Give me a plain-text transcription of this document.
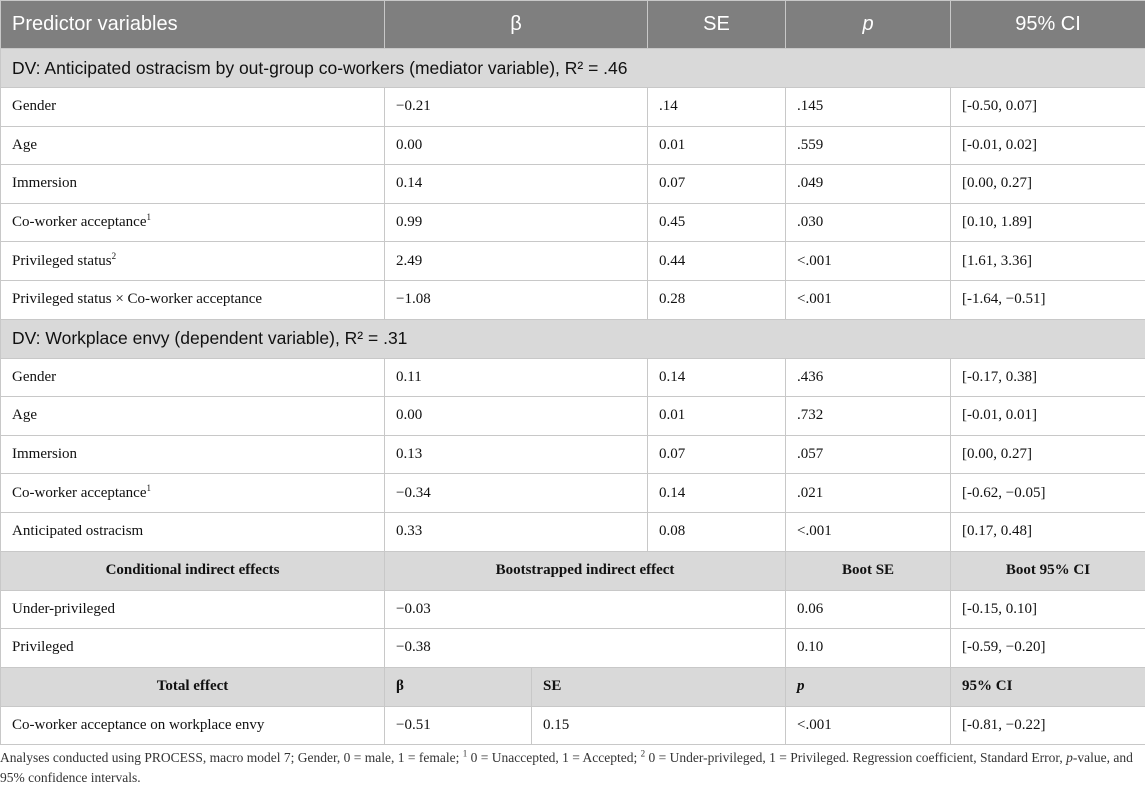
Predictor variables	β		SE	p	95% CI
DV: Anticipated ostracism by out-group co-workers (mediator variable), R² = .46					
Gender	−0.21		.14	.145	[-0.50, 0.07]
Age	0.00		0.01	.559	[-0.01, 0.02]
Immersion	0.14		0.07	.049	[0.00, 0.27]
Co-worker acceptance$^1$	0.99		0.45	.030	[0.10, 1.89]
Privileged status$^2$	2.49		0.44	<.001	[1.61, 3.36]
Privileged status × Co-worker acceptance	−1.08		0.28	<.001	[-1.64, −0.51]
DV: Workplace envy (dependent variable), R² = .31					
Gender	0.11		0.14	.436	[-0.17, 0.38]
Age	0.00		0.01	.732	[-0.01, 0.01]
Immersion	0.13		0.07	.057	[0.00, 0.27]
Co-worker acceptance$^1$	−0.34		0.14	.021	[-0.62, −0.05]
Anticipated ostracism	0.33		0.08	<.001	[0.17, 0.48]
Conditional indirect effects	Bootstrapped indirect effect			Boot SE	Boot 95% CI
Under-privileged	−0.03			0.06	[-0.15, 0.10]
Privileged	−0.38			0.10	[-0.59, −0.20]
Total effect	β	SE		p	95% CI
Co-worker acceptance on workplace envy	−0.51	0.15		<.001	[-0.81, −0.22]
Analyses conducted using PROCESS, macro model 7; Gender, 0 = male, 1 = female; $^1$ 0 = Unaccepted, 1 = Accepted; $^2$ 0 = Under-privileged, 1 = Privileged. Regression coefficient, Standard Error, p-value, and 95% confidence intervals.
